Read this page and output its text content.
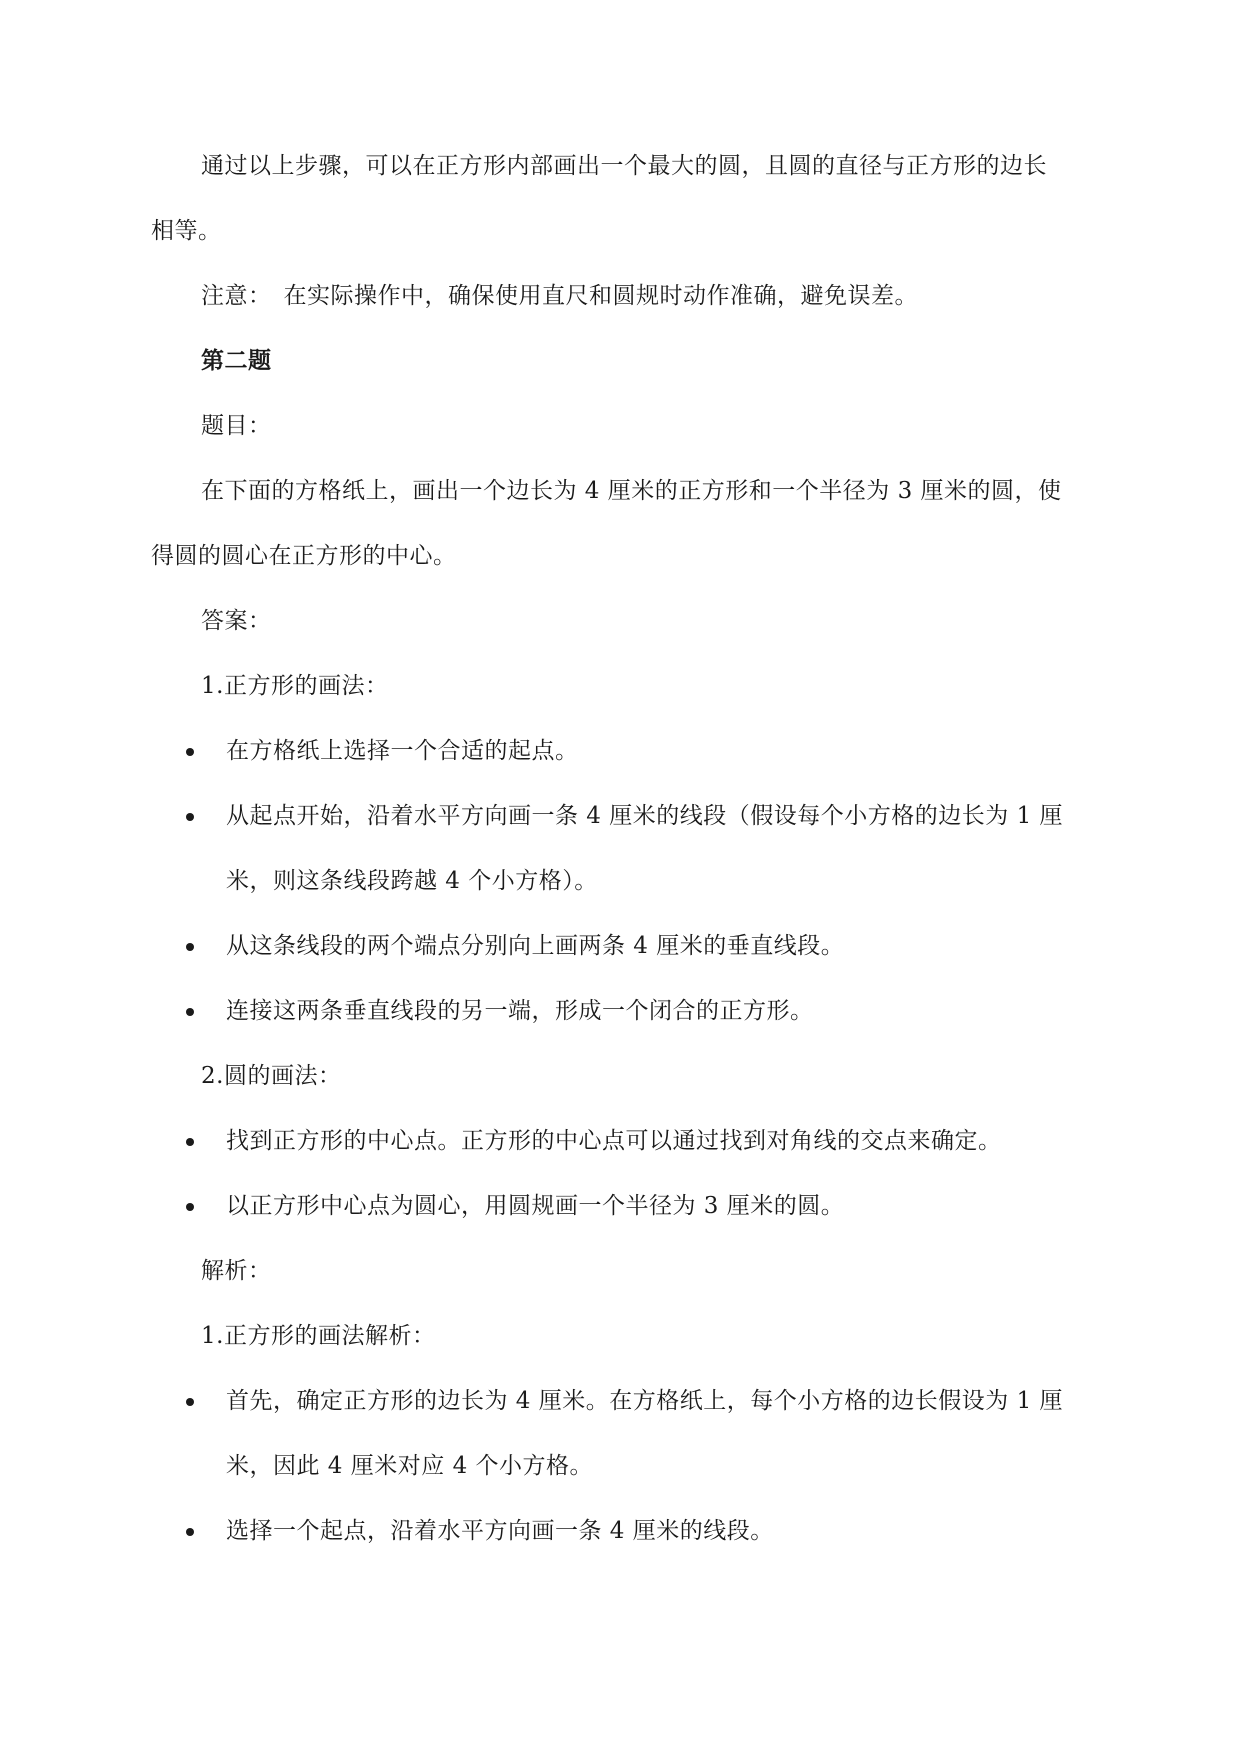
通过以上步骤，可以在正方形内部画出一个最大的圆，且圆的直径与正方形的边长
相等。
注意：　在实际操作中，确保使用直尺和圆规时动作准确，避免误差。
第二题
题目：
在下面的方格纸上，画出一个边长为 4 厘米的正方形和一个半径为 3 厘米的圆，使
得圆的圆心在正方形的中心。
答案：
1.正方形的画法：
在方格纸上选择一个合适的起点。
从起点开始，沿着水平方向画一条 4 厘米的线段（假设每个小方格的边长为 1 厘
米，则这条线段跨越 4 个小方格）。
从这条线段的两个端点分别向上画两条 4 厘米的垂直线段。
连接这两条垂直线段的另一端，形成一个闭合的正方形。
2.圆的画法：
找到正方形的中心点。正方形的中心点可以通过找到对角线的交点来确定。
以正方形中心点为圆心，用圆规画一个半径为 3 厘米的圆。
解析：
1.正方形的画法解析：
首先，确定正方形的边长为 4 厘米。在方格纸上，每个小方格的边长假设为 1 厘
米，因此 4 厘米对应 4 个小方格。
选择一个起点，沿着水平方向画一条 4 厘米的线段。
